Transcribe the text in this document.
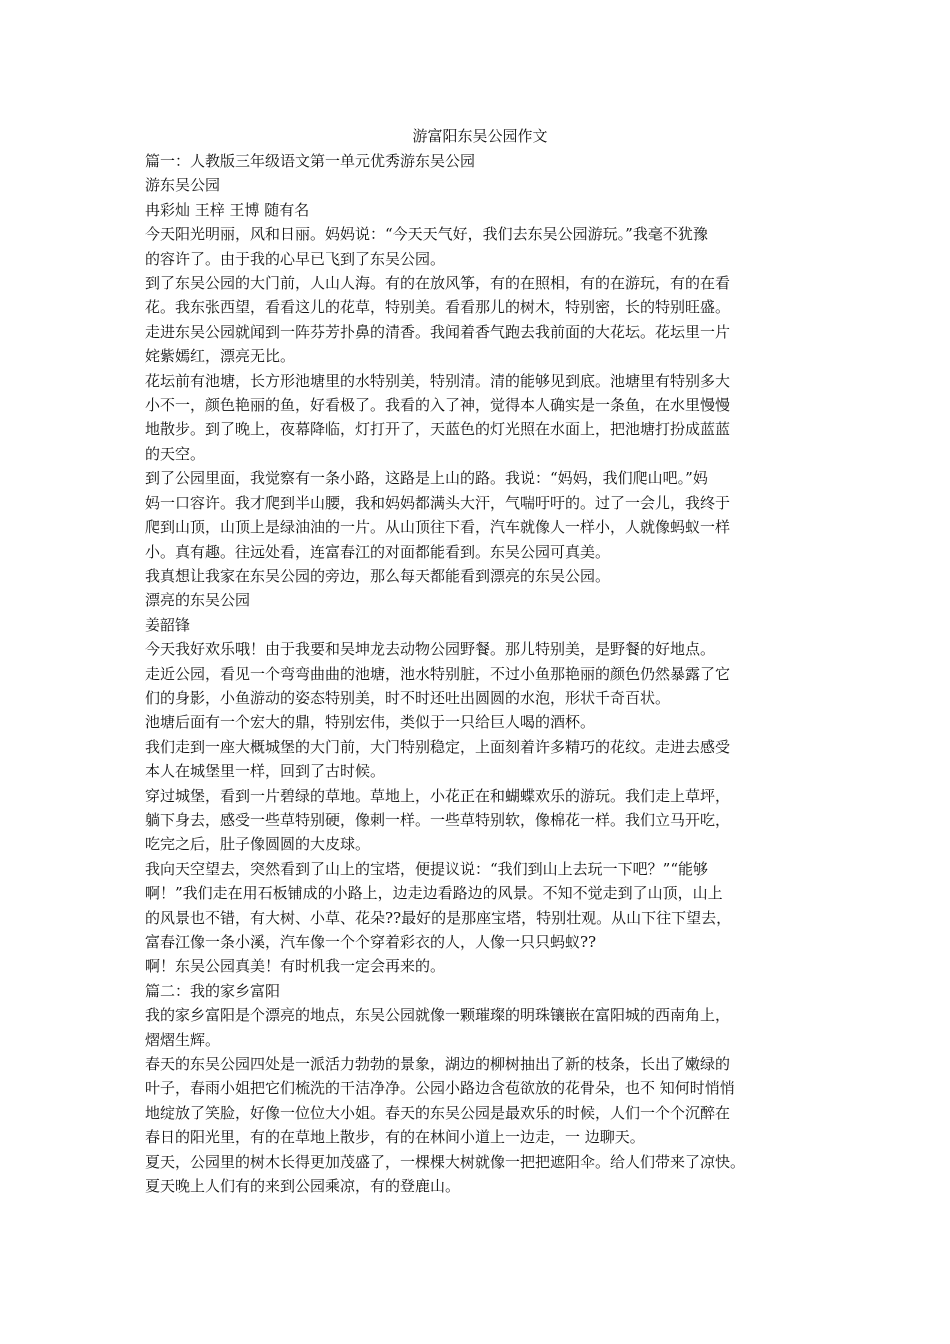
游富阳东吴公园作文

篇一：人教版三年级语文第一单元优秀游东吴公园

游东吴公园

冉彩灿 王梓 王博 随有名

今天阳光明丽，风和日丽。妈妈说：“今天天气好，我们去东吴公园游玩。”我毫不犹豫

的容许了。由于我的心早已飞到了东吴公园。

到了东吴公园的大门前，人山人海。有的在放风筝，有的在照相，有的在游玩，有的在看

花。我东张西望，看看这儿的花草，特别美。看看那儿的树木，特别密，长的特别旺盛。

走进东吴公园就闻到一阵芬芳扑鼻的清香。我闻着香气跑去我前面的大花坛。花坛里一片

姹紫嫣红，漂亮无比。

花坛前有池塘，长方形池塘里的水特别美，特别清。清的能够见到底。池塘里有特别多大

小不一，颜色艳丽的鱼，好看极了。我看的入了神，觉得本人确实是一条鱼，在水里慢慢

地散步。到了晚上，夜幕降临，灯打开了，天蓝色的灯光照在水面上，把池塘打扮成蓝蓝

的天空。

到了公园里面，我觉察有一条小路，这路是上山的路。我说：“妈妈，我们爬山吧。”妈

妈一口容许。我才爬到半山腰，我和妈妈都满头大汗，气喘吁吁的。过了一会儿，我终于

爬到山顶，山顶上是绿油油的一片。从山顶往下看，汽车就像人一样小，人就像蚂蚁一样

小。真有趣。往远处看，连富春江的对面都能看到。东吴公园可真美。

我真想让我家在东吴公园的旁边，那么每天都能看到漂亮的东吴公园。

漂亮的东吴公园

姜韶锋

今天我好欢乐哦！由于我要和吴坤龙去动物公园野餐。那儿特别美，是野餐的好地点。

走近公园，看见一个弯弯曲曲的池塘，池水特别脏，不过小鱼那艳丽的颜色仍然暴露了它

们的身影，小鱼游动的姿态特别美，时不时还吐出圆圆的水泡，形状千奇百状。

池塘后面有一个宏大的鼎，特别宏伟，类似于一只给巨人喝的酒杯。

我们走到一座大概城堡的大门前，大门特别稳定，上面刻着许多精巧的花纹。走进去感受

本人在城堡里一样，回到了古时候。

穿过城堡，看到一片碧绿的草地。草地上，小花正在和蝴蝶欢乐的游玩。我们走上草坪，

躺下身去，感受一些草特别硬，像刺一样。一些草特别软，像棉花一样。我们立马开吃，

吃完之后，肚子像圆圆的大皮球。

我向天空望去，突然看到了山上的宝塔，便提议说：“我们到山上去玩一下吧？”“能够

啊！”我们走在用石板铺成的小路上，边走边看路边的风景。不知不觉走到了山顶，山上

的风景也不错，有大树、小草、花朵??最好的是那座宝塔，特别壮观。从山下往下望去，

富春江像一条小溪，汽车像一个个穿着彩衣的人，人像一只只蚂蚁??

啊！东吴公园真美！有时机我一定会再来的。

篇二：我的家乡富阳

我的家乡富阳是个漂亮的地点，东吴公园就像一颗璀璨的明珠镶嵌在富阳城的西南角上，

熠熠生辉。

春天的东吴公园四处是一派活力勃勃的景象，湖边的柳树抽出了新的枝条，长出了嫩绿的

叶子，春雨小姐把它们梳洗的干洁净净。公园小路边含苞欲放的花骨朵，也不 知何时悄悄

地绽放了笑脸，好像一位位大小姐。春天的东吴公园是最欢乐的时候，人们一个个沉醉在

春日的阳光里，有的在草地上散步，有的在林间小道上一边走，一 边聊天。

夏天，公园里的树木长得更加茂盛了，一棵棵大树就像一把把遮阳伞。给人们带来了凉快。

夏天晚上人们有的来到公园乘凉，有的登鹿山。
